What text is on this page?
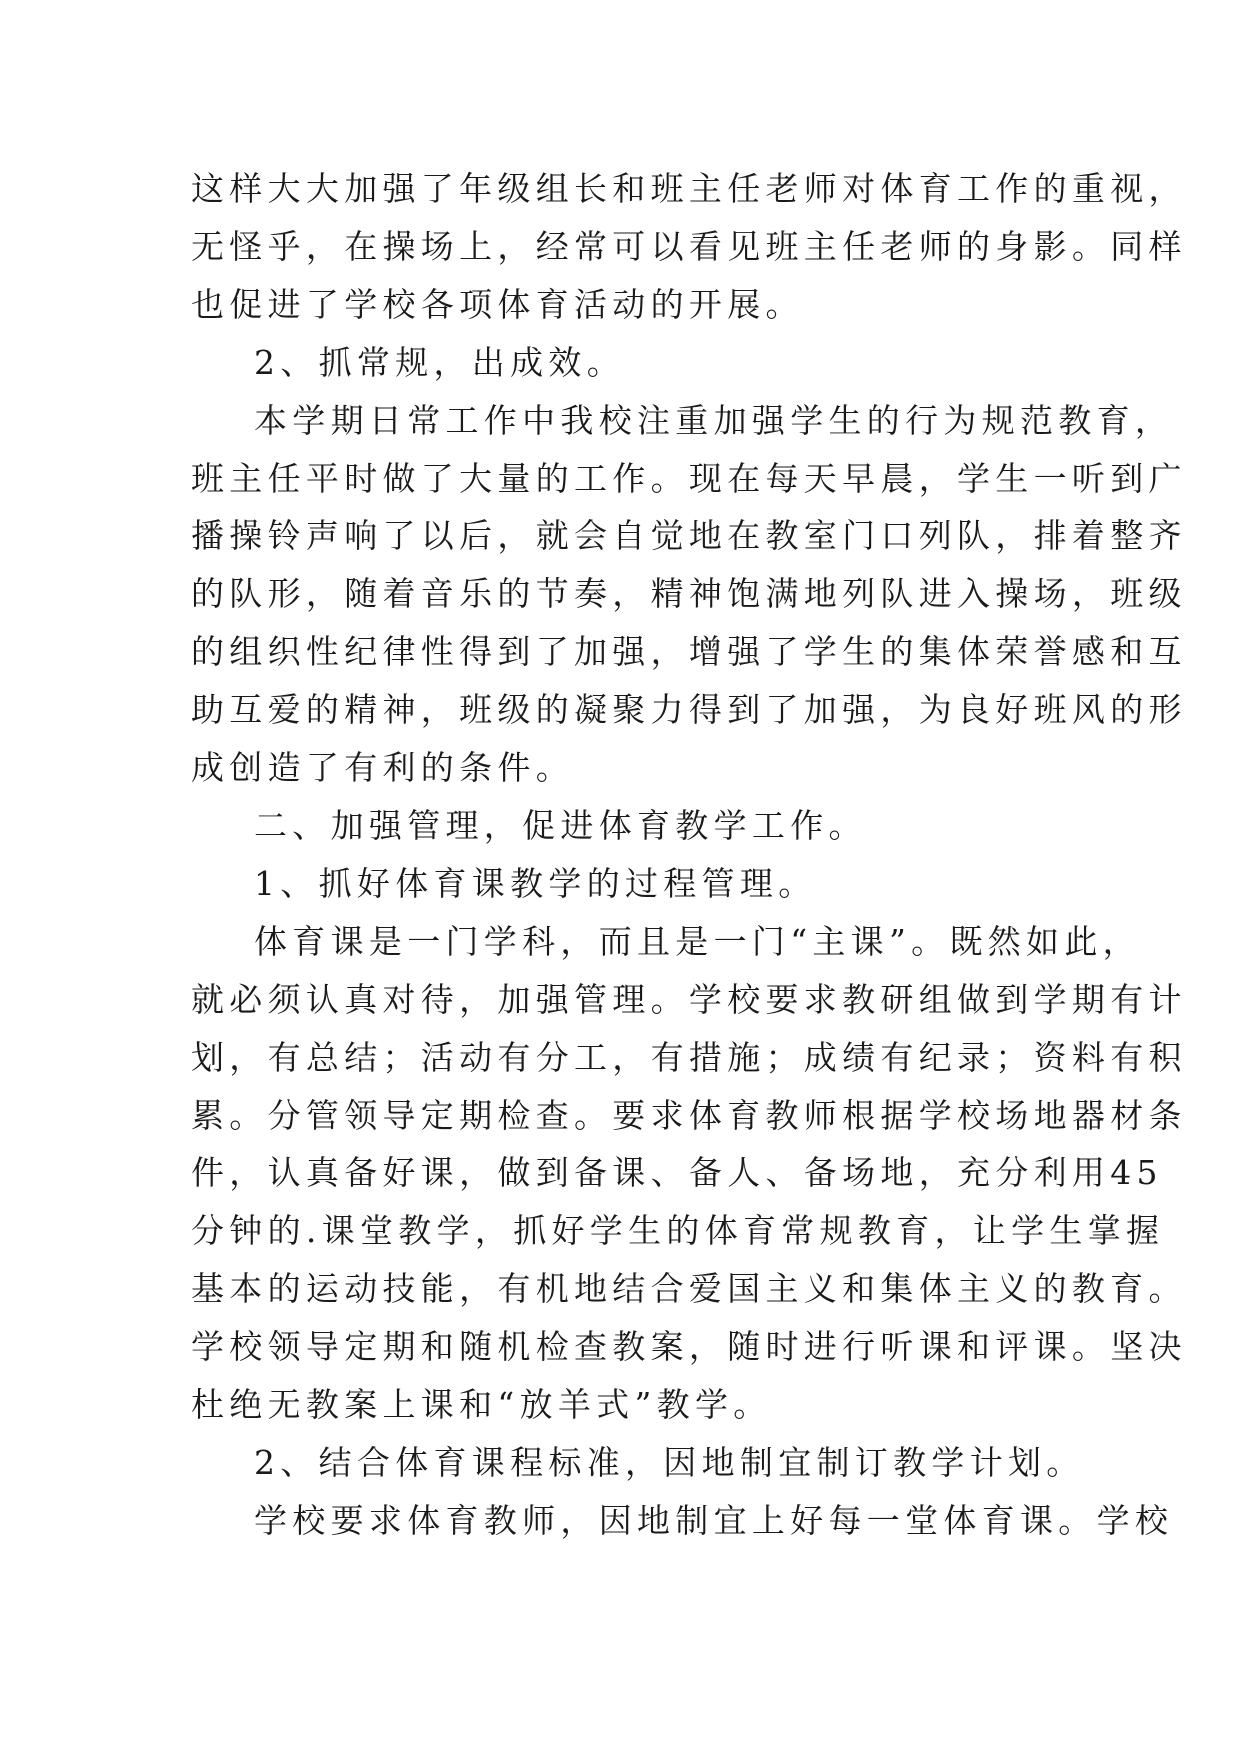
这样大大加强了年级组长和班主任老师对体育工作的重视，
无怪乎，在操场上，经常可以看见班主任老师的身影。同样
也促进了学校各项体育活动的开展。

2、抓常规，出成效。

本学期日常工作中我校注重加强学生的行为规范教育，
班主任平时做了大量的工作。现在每天早晨，学生一听到广
播操铃声响了以后，就会自觉地在教室门口列队，排着整齐
的队形，随着音乐的节奏，精神饱满地列队进入操场，班级
的组织性纪律性得到了加强，增强了学生的集体荣誉感和互
助互爱的精神，班级的凝聚力得到了加强，为良好班风的形
成创造了有利的条件。

二、加强管理，促进体育教学工作。

1、抓好体育课教学的过程管理。

体育课是一门学科，而且是一门“主课”。既然如此，
就必须认真对待，加强管理。学校要求教研组做到学期有计
划，有总结；活动有分工，有措施；成绩有纪录；资料有积
累。分管领导定期检查。要求体育教师根据学校场地器材条
件，认真备好课，做到备课、备人、备场地，充分利用45
分钟的.课堂教学，抓好学生的体育常规教育，让学生掌握
基本的运动技能，有机地结合爱国主义和集体主义的教育。
学校领导定期和随机检查教案，随时进行听课和评课。坚决
杜绝无教案上课和“放羊式”教学。

2、结合体育课程标准，因地制宜制订教学计划。

学校要求体育教师，因地制宜上好每一堂体育课。学校
